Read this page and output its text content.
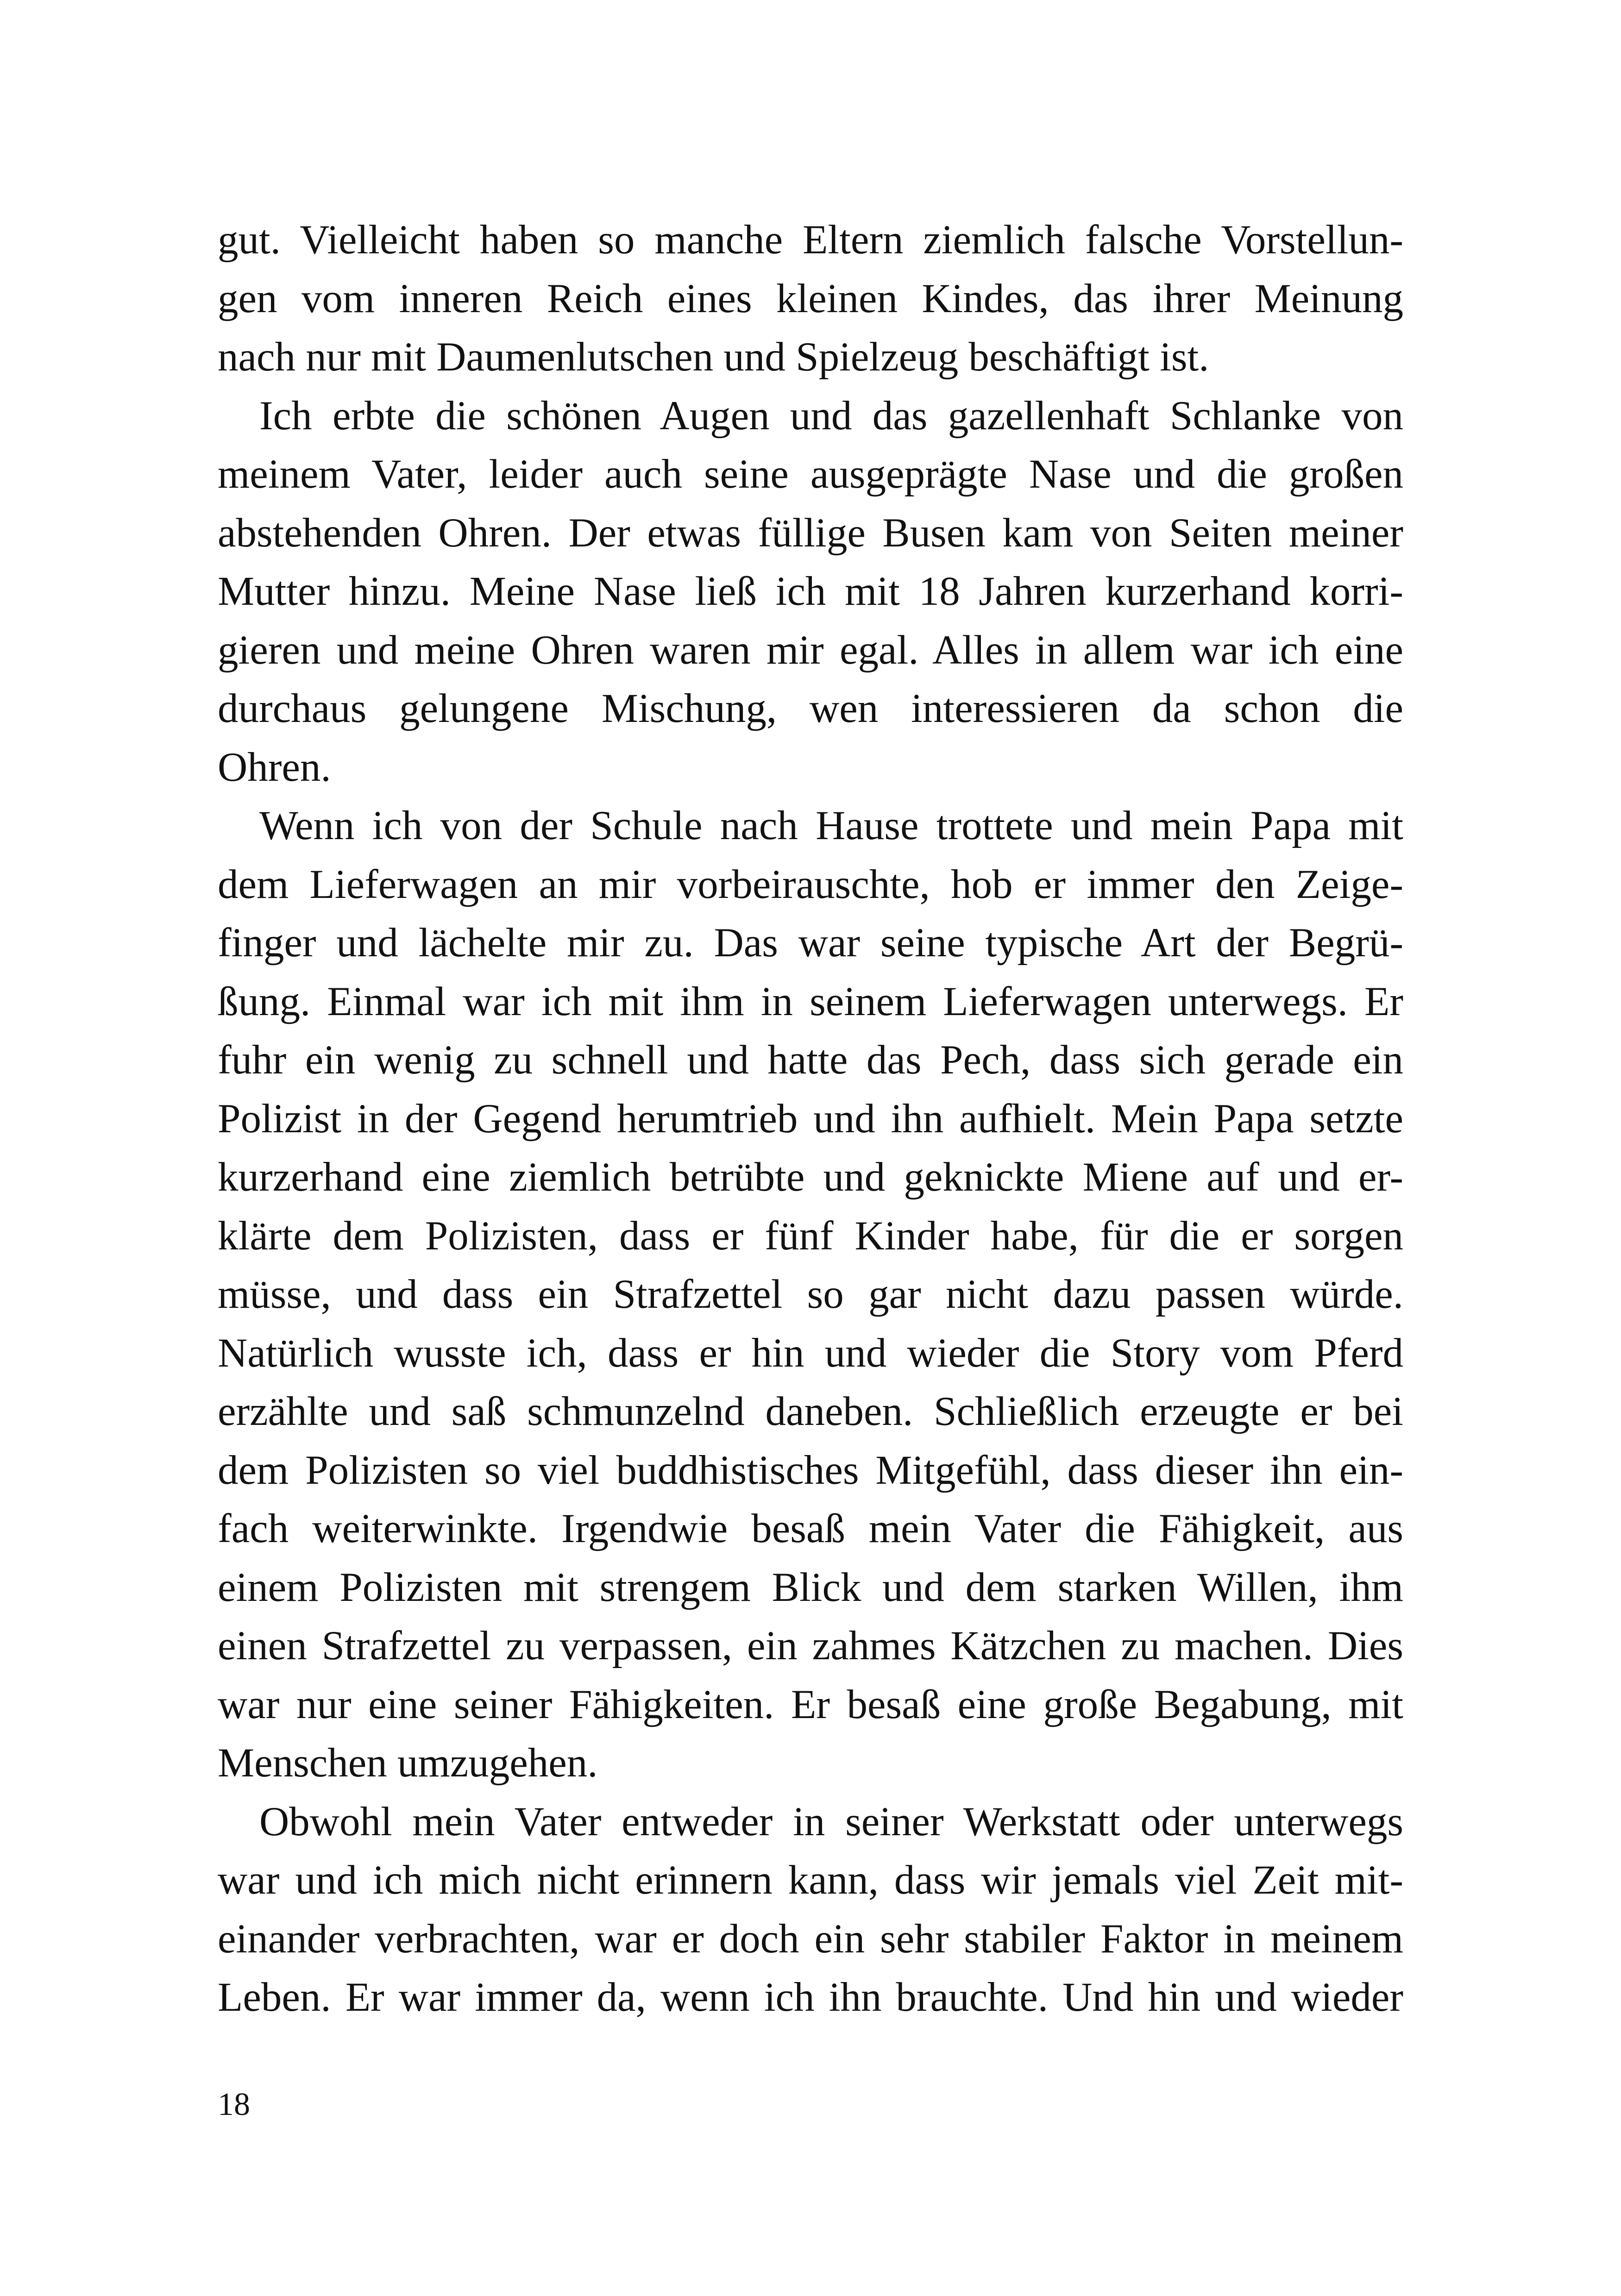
gut. Vielleicht haben so manche Eltern ziemlich falsche Vorstellun-
gen vom inneren Reich eines kleinen Kindes, das ihrer Meinung
nach nur mit Daumenlutschen und Spielzeug beschäftigt ist.
Ich erbte die schönen Augen und das gazellenhaft Schlanke von
meinem Vater, leider auch seine ausgeprägte Nase und die großen
abstehenden Ohren. Der etwas füllige Busen kam von Seiten meiner
Mutter hinzu. Meine Nase ließ ich mit 18 Jahren kurzerhand korri-
gieren und meine Ohren waren mir egal. Alles in allem war ich eine
durchaus gelungene Mischung, wen interessieren da schon die
Ohren.
Wenn ich von der Schule nach Hause trottete und mein Papa mit
dem Lieferwagen an mir vorbeirauschte, hob er immer den Zeige-
finger und lächelte mir zu. Das war seine typische Art der Begrü-
ßung. Einmal war ich mit ihm in seinem Lieferwagen unterwegs. Er
fuhr ein wenig zu schnell und hatte das Pech, dass sich gerade ein
Polizist in der Gegend herumtrieb und ihn aufhielt. Mein Papa setzte
kurzerhand eine ziemlich betrübte und geknickte Miene auf und er-
klärte dem Polizisten, dass er fünf Kinder habe, für die er sorgen
müsse, und dass ein Strafzettel so gar nicht dazu passen würde.
Natürlich wusste ich, dass er hin und wieder die Story vom Pferd
erzählte und saß schmunzelnd daneben. Schließlich erzeugte er bei
dem Polizisten so viel buddhistisches Mitgefühl, dass dieser ihn ein-
fach weiterwinkte. Irgendwie besaß mein Vater die Fähigkeit, aus
einem Polizisten mit strengem Blick und dem starken Willen, ihm
einen Strafzettel zu verpassen, ein zahmes Kätzchen zu machen. Dies
war nur eine seiner Fähigkeiten. Er besaß eine große Begabung, mit
Menschen umzugehen.
Obwohl mein Vater entweder in seiner Werkstatt oder unterwegs
war und ich mich nicht erinnern kann, dass wir jemals viel Zeit mit-
einander verbrachten, war er doch ein sehr stabiler Faktor in meinem
Leben. Er war immer da, wenn ich ihn brauchte. Und hin und wieder
18
